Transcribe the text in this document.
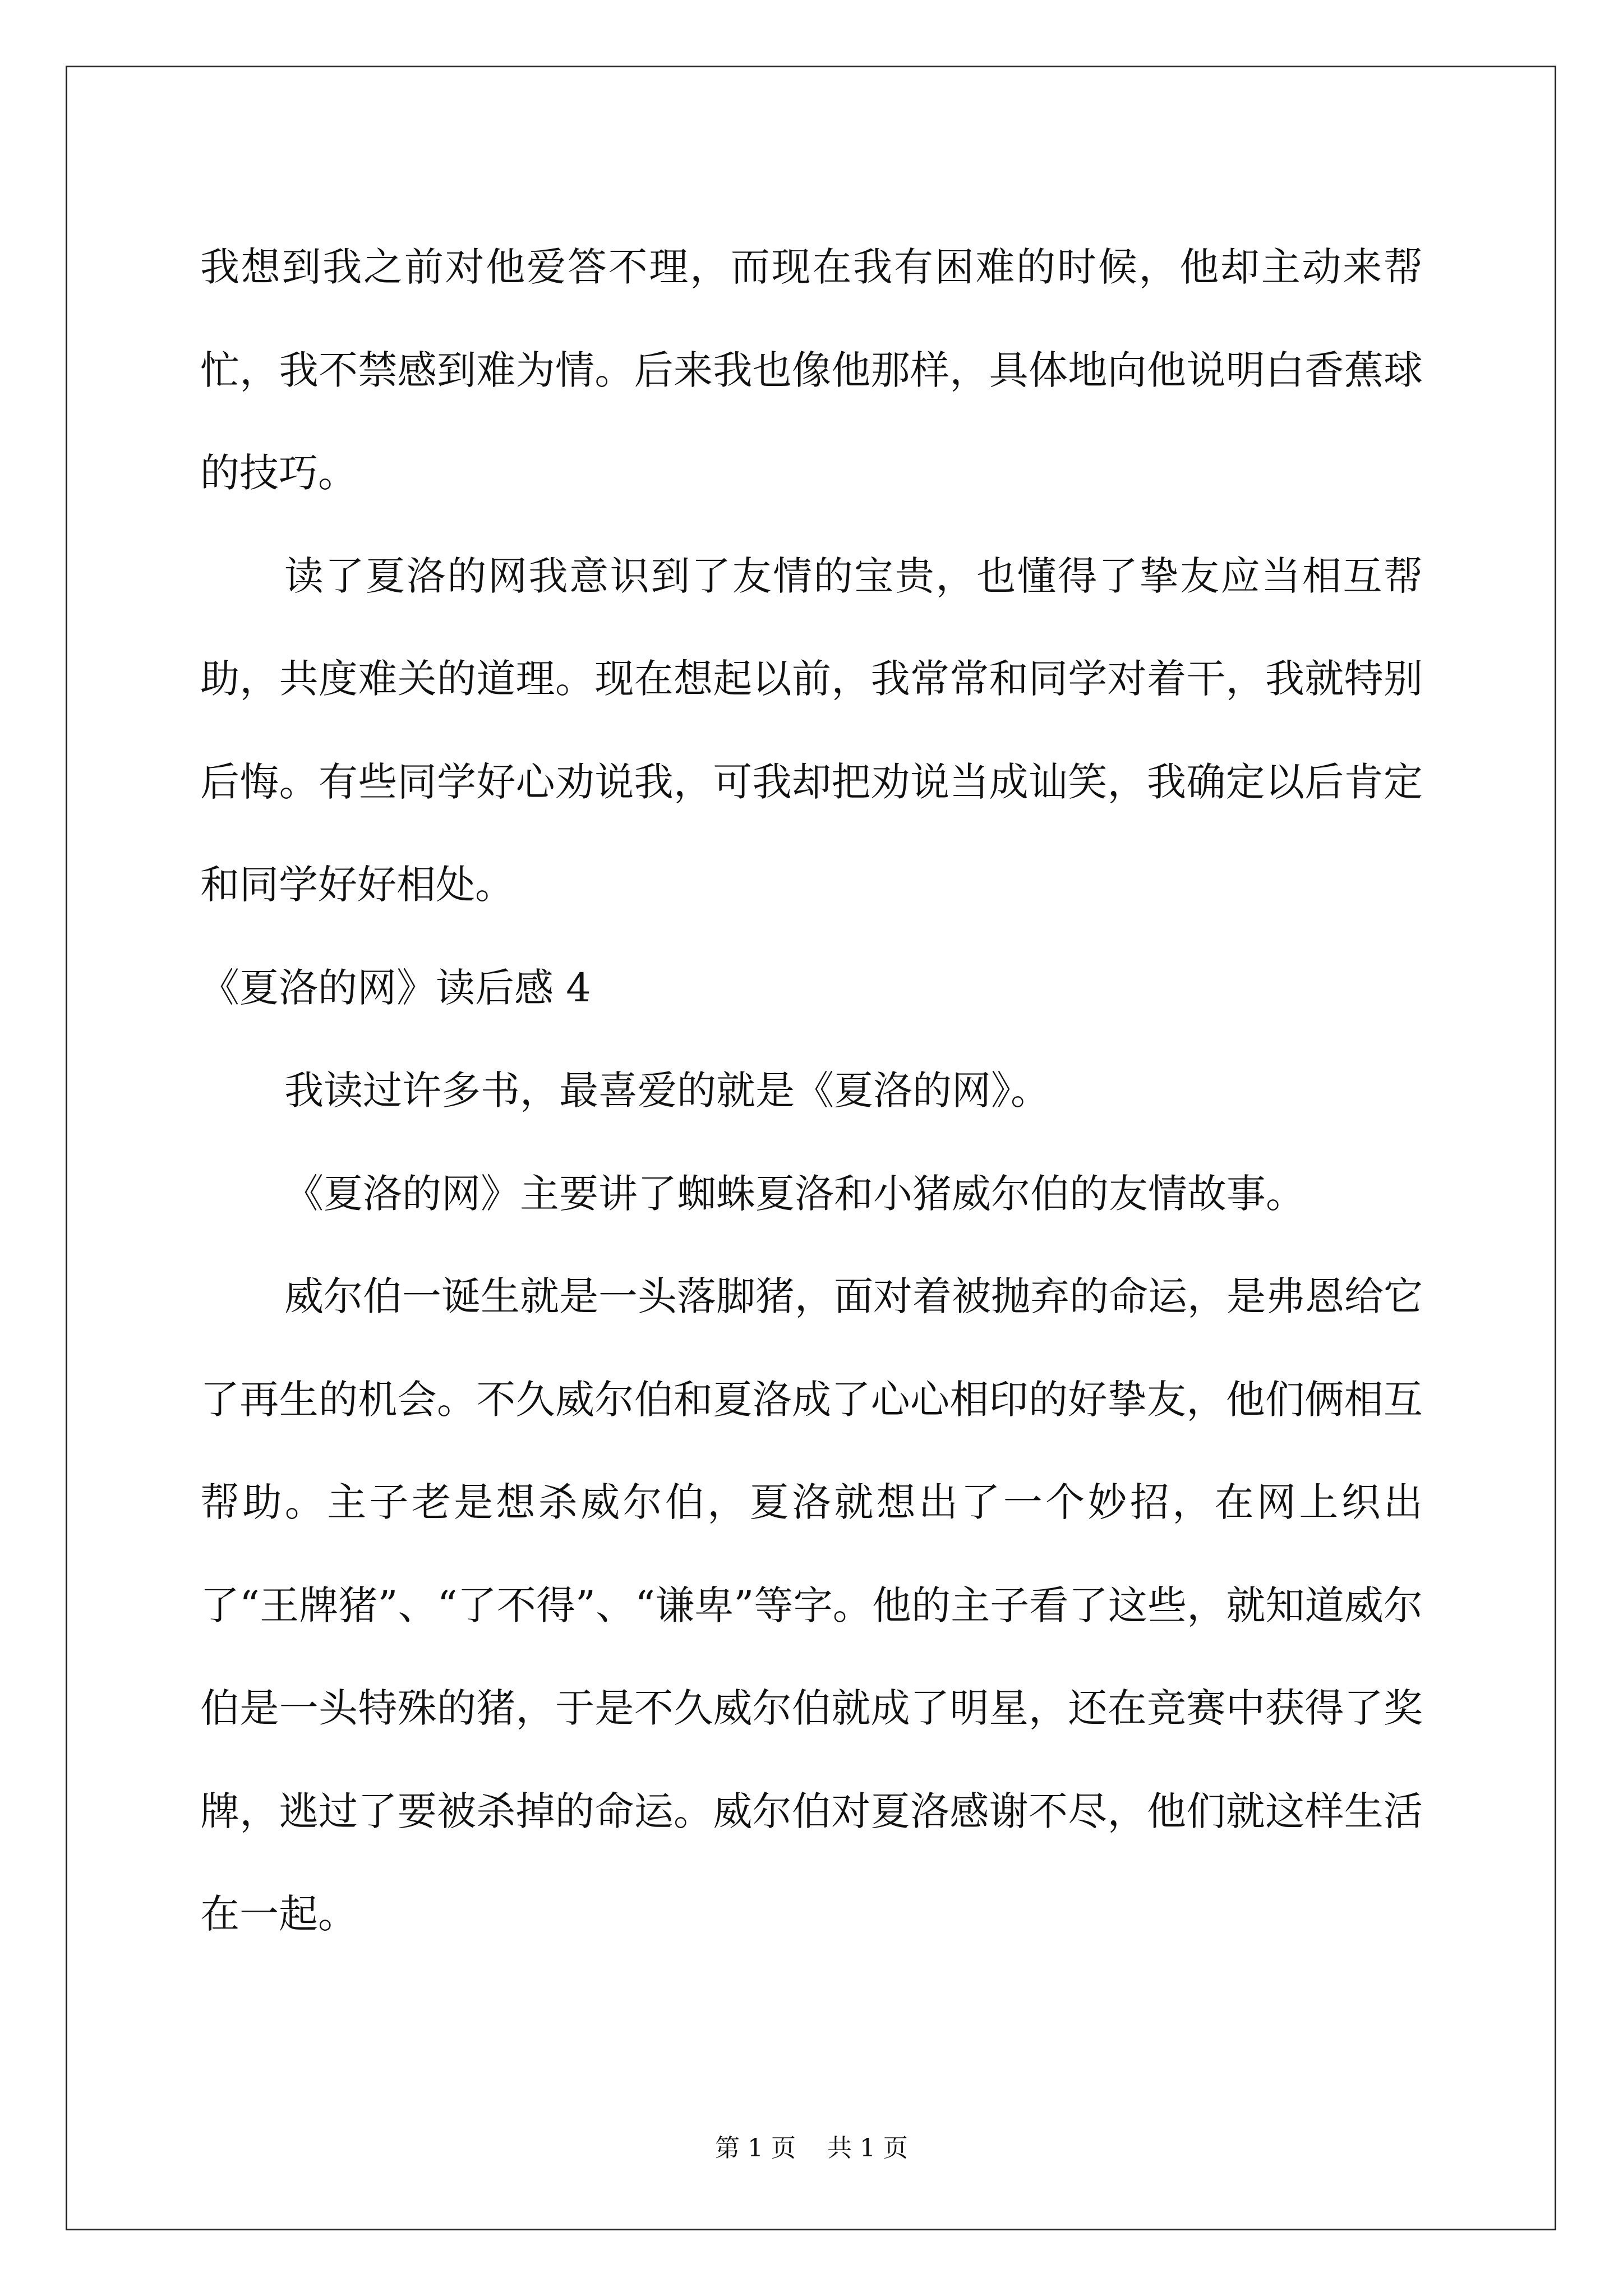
我想到我之前对他爱答不理，而现在我有困难的时候，他却主动来帮忙，我不禁感到难为情。后来我也像他那样，具体地向他说明白香蕉球的技巧。

读了夏洛的网我意识到了友情的宝贵，也懂得了挚友应当相互帮助，共度难关的道理。现在想起以前，我常常和同学对着干，我就特别后悔。有些同学好心劝说我，可我却把劝说当成讪笑，我确定以后肯定和同学好好相处。

《夏洛的网》读后感 4

我读过许多书，最喜爱的就是《夏洛的网》。

《夏洛的网》主要讲了蜘蛛夏洛和小猪威尔伯的友情故事。

威尔伯一诞生就是一头落脚猪，面对着被抛弃的命运，是弗恩给它了再生的机会。不久威尔伯和夏洛成了心心相印的好挚友，他们俩相互帮助。主子老是想杀威尔伯，夏洛就想出了一个妙招，在网上织出了“王牌猪”、“了不得”、“谦卑”等字。他的主子看了这些，就知道威尔伯是一头特殊的猪，于是不久威尔伯就成了明星，还在竞赛中获得了奖牌，逃过了要被杀掉的命运。威尔伯对夏洛感谢不尽，他们就这样生活在一起。

第 1 页    共 1 页
